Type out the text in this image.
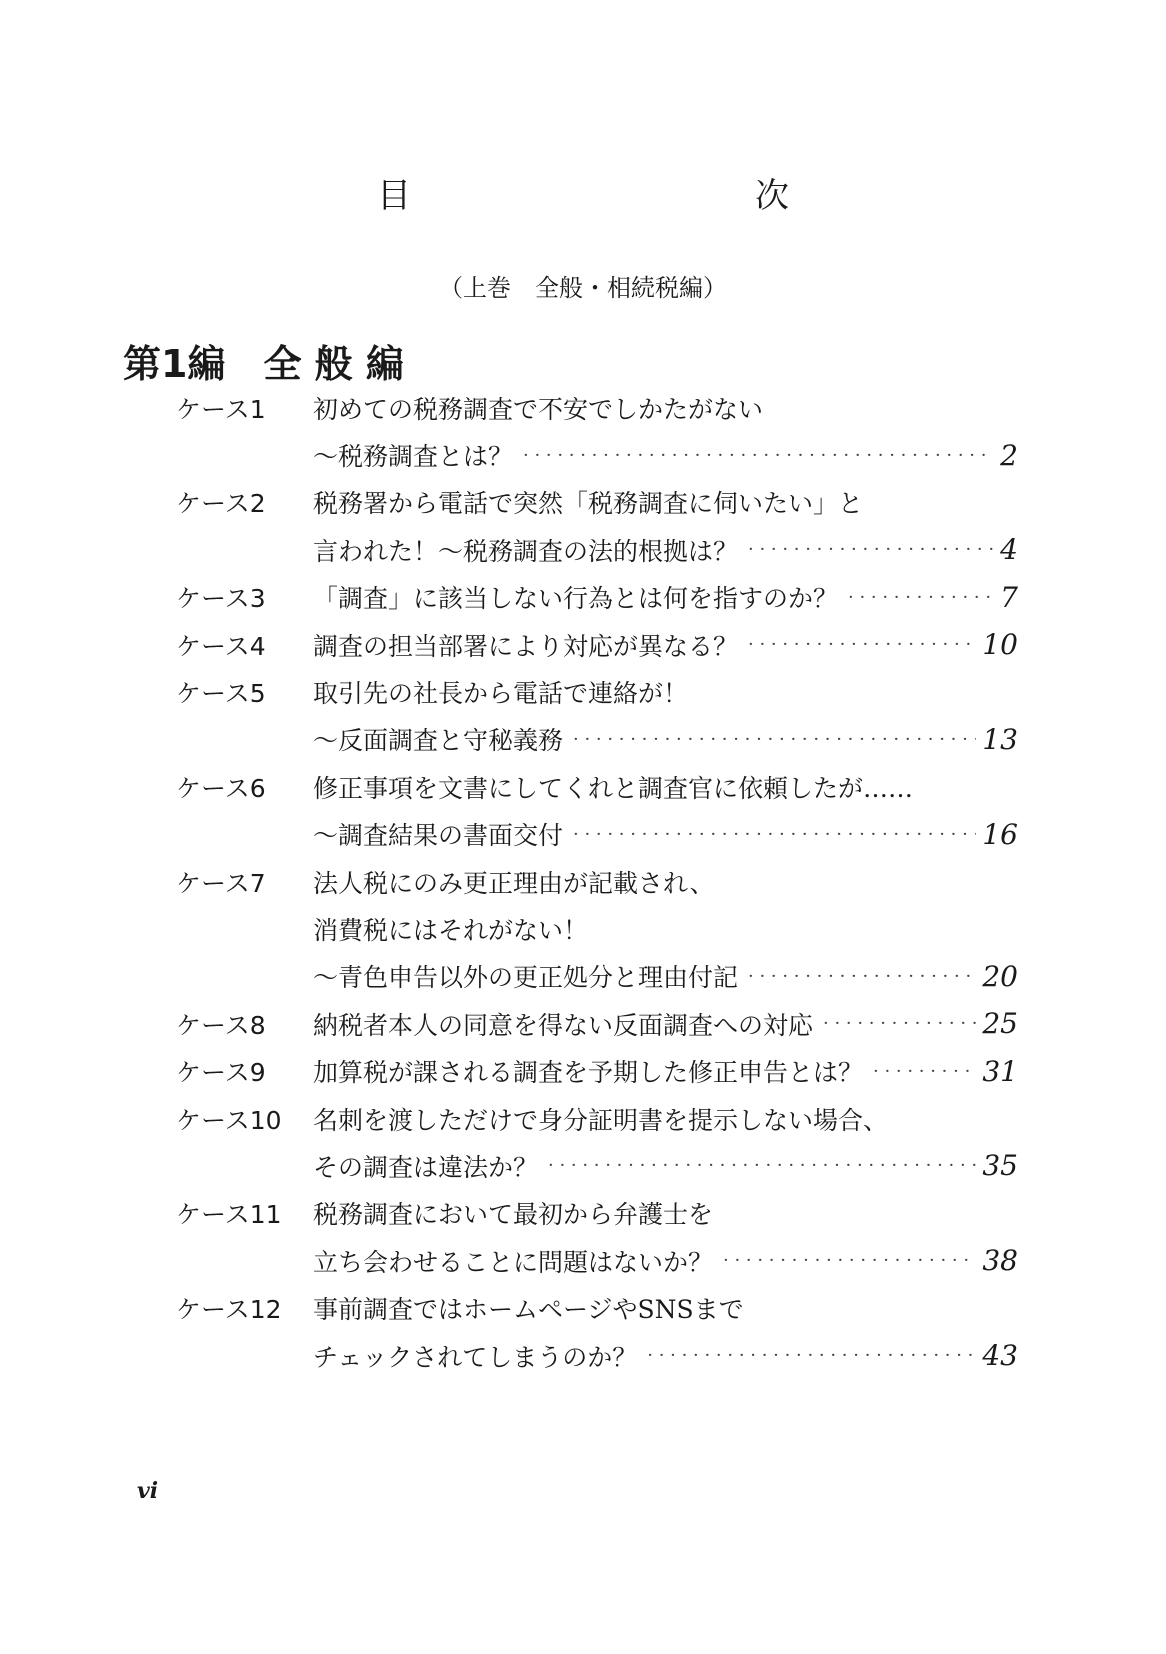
目　　次
（上巻　全般・相続税編）
第1編　全 般 編
ケース1	初めての税務調査で不安でしかたがない
～税務調査とは？ · · ·	2
ケース2	税務署から電話で突然「税務調査に伺いたい」と
言われた！～税務調査の法的根拠は？ · · ·	4
ケース3	「調査」に該当しない行為とは何を指すのか？ · · ·	7
ケース4	調査の担当部署により対応が異なる？ · · ·	10
ケース5	取引先の社長から電話で連絡が！
～反面調査と守秘義務 · · ·	13
ケース6	修正事項を文書にしてくれと調査官に依頼したが……
～調査結果の書面交付 · · ·	16
ケース7	法人税にのみ更正理由が記載され、
消費税にはそれがない！
～青色申告以外の更正処分と理由付記 · · ·	20
ケース8	納税者本人の同意を得ない反面調査への対応 · · ·	25
ケース9	加算税が課される調査を予期した修正申告とは？ · · ·	31
ケース10	名刺を渡しただけで身分証明書を提示しない場合、
その調査は違法か？ · · ·	35
ケース11	税務調査において最初から弁護士を
立ち会わせることに問題はないか？ · · ·	38
ケース12	事前調査ではホームページやSNSまで
チェックされてしまうのか？ · · ·	43
vi
